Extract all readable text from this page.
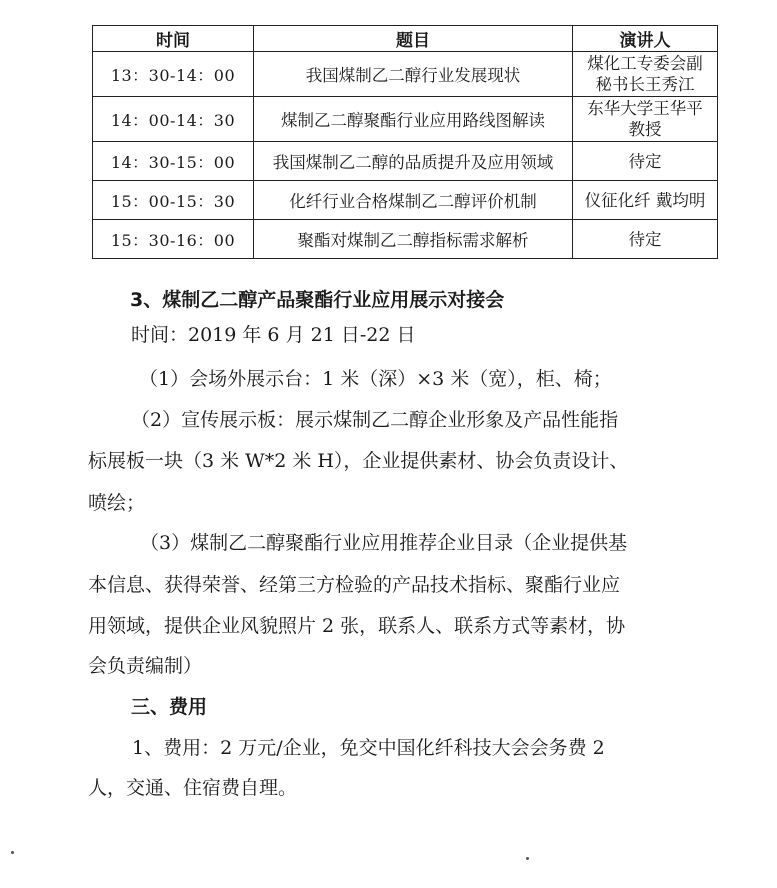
时间	题目	演讲人
13：30-14：00	我国煤制乙二醇行业发展现状	煤化工专委会副
秘书长王秀江

14：00-14：30	煤制乙二醇聚酯行业应用路线图解读	东华大学王华平
教授

14：30-15：00	我国煤制乙二醇的品质提升及应用领域	待定
15：00-15：30	化纤行业合格煤制乙二醇评价机制	仪征化纤 戴均明
15：30-16：00	聚酯对煤制乙二醇指标需求解析	待定
3、煤制乙二醇产品聚酯行业应用展示对接会
时间：2019 年 6 月 21 日-22 日
（1）会场外展示台：1 米（深）×3 米（宽），柜、椅；
（2）宣传展示板：展示煤制乙二醇企业形象及产品性能指
标展板一块（3 米 W*2 米 H），企业提供素材、协会负责设计、
喷绘；
（3）煤制乙二醇聚酯行业应用推荐企业目录（企业提供基
本信息、获得荣誉、经第三方检验的产品技术指标、聚酯行业应
用领域，提供企业风貌照片 2 张，联系人、联系方式等素材，协
会负责编制）
三、费用
1、费用：2 万元/企业，免交中国化纤科技大会会务费 2
人，交通、住宿费自理。
